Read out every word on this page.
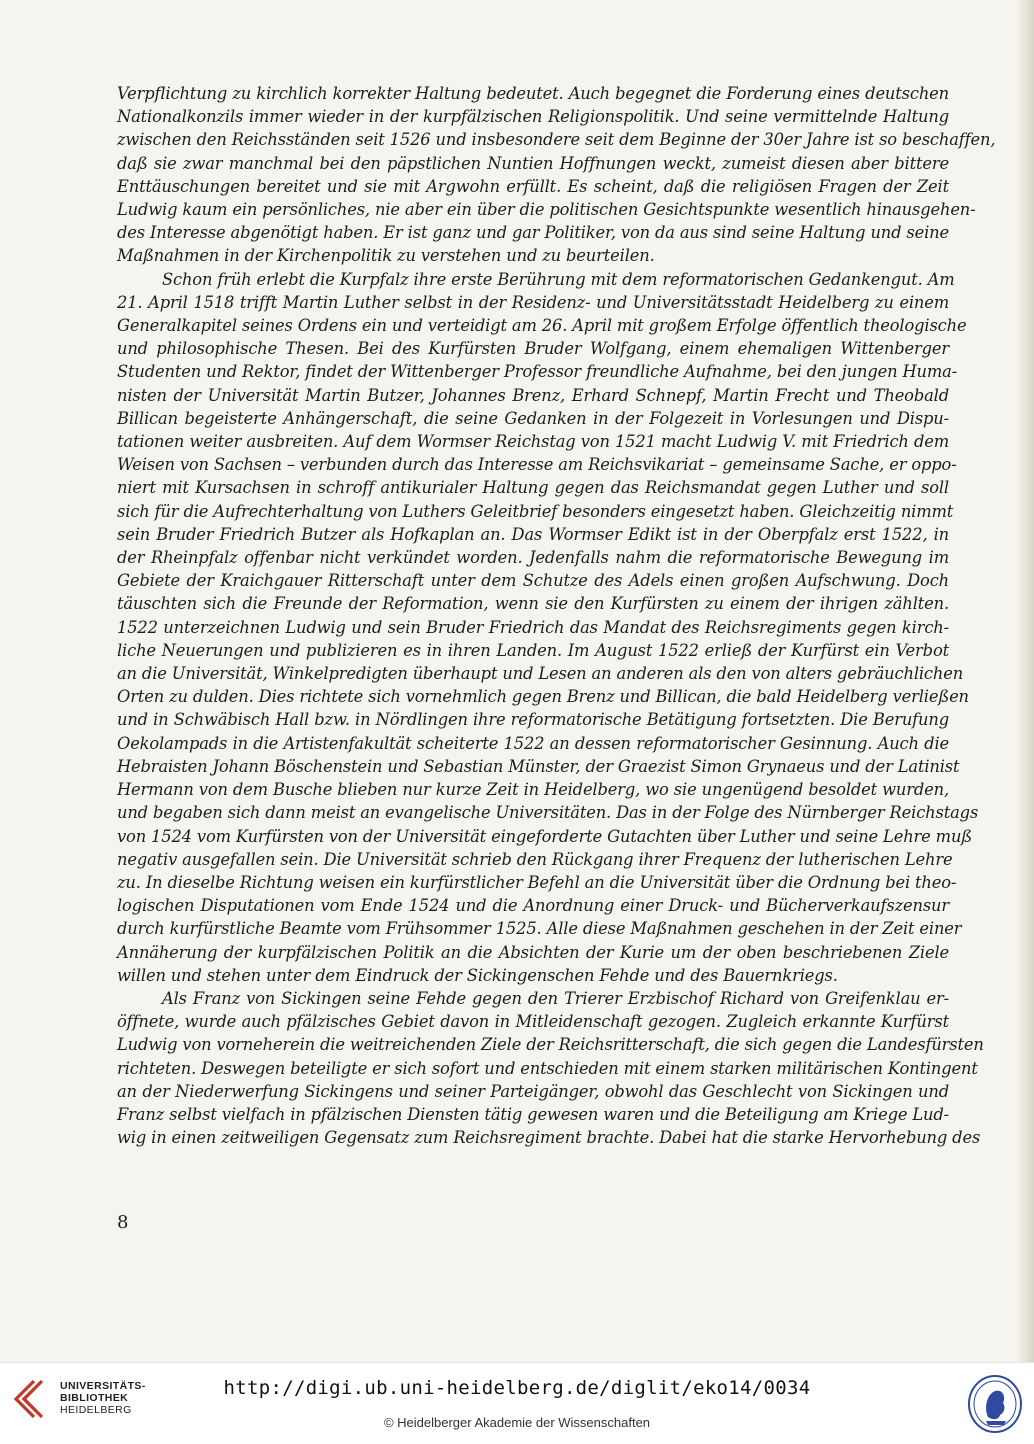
Verpflichtung zu kirchlich korrekter Haltung bedeutet. Auch begegnet die Forderung eines deutschen
Nationalkonzils immer wieder in der kurpfälzischen Religionspolitik. Und seine vermittelnde Haltung
zwischen den Reichsständen seit 1526 und insbesondere seit dem Beginne der 30er Jahre ist so beschaffen,
daß sie zwar manchmal bei den päpstlichen Nuntien Hoffnungen weckt, zumeist diesen aber bittere
Enttäuschungen bereitet und sie mit Argwohn erfüllt. Es scheint, daß die religiösen Fragen der Zeit
Ludwig kaum ein persönliches, nie aber ein über die politischen Gesichtspunkte wesentlich hinausgehen-
des Interesse abgenötigt haben. Er ist ganz und gar Politiker, von da aus sind seine Haltung und seine
Maßnahmen in der Kirchenpolitik zu verstehen und zu beurteilen.

Schon früh erlebt die Kurpfalz ihre erste Berührung mit dem reformatorischen Gedankengut. Am
21. April 1518 trifft Martin Luther selbst in der Residenz- und Universitätsstadt Heidelberg zu einem
Generalkapitel seines Ordens ein und verteidigt am 26. April mit großem Erfolge öffentlich theologische
und philosophische Thesen. Bei des Kurfürsten Bruder Wolfgang, einem ehemaligen Wittenberger
Studenten und Rektor, findet der Wittenberger Professor freundliche Aufnahme, bei den jungen Huma-
nisten der Universität Martin Butzer, Johannes Brenz, Erhard Schnepf, Martin Frecht und Theobald
Billican begeisterte Anhängerschaft, die seine Gedanken in der Folgezeit in Vorlesungen und Dispu-
tationen weiter ausbreiten. Auf dem Wormser Reichstag von 1521 macht Ludwig V. mit Friedrich dem
Weisen von Sachsen – verbunden durch das Interesse am Reichsvikariat – gemeinsame Sache, er oppo-
niert mit Kursachsen in schroff antikurialer Haltung gegen das Reichsmandat gegen Luther und soll
sich für die Aufrechterhaltung von Luthers Geleitbrief besonders eingesetzt haben. Gleichzeitig nimmt
sein Bruder Friedrich Butzer als Hofkaplan an. Das Wormser Edikt ist in der Oberpfalz erst 1522, in
der Rheinpfalz offenbar nicht verkündet worden. Jedenfalls nahm die reformatorische Bewegung im
Gebiete der Kraichgauer Ritterschaft unter dem Schutze des Adels einen großen Aufschwung. Doch
täuschten sich die Freunde der Reformation, wenn sie den Kurfürsten zu einem der ihrigen zählten.
1522 unterzeichnen Ludwig und sein Bruder Friedrich das Mandat des Reichsregiments gegen kirch-
liche Neuerungen und publizieren es in ihren Landen. Im August 1522 erließ der Kurfürst ein Verbot
an die Universität, Winkelpredigten überhaupt und Lesen an anderen als den von alters gebräuchlichen
Orten zu dulden. Dies richtete sich vornehmlich gegen Brenz und Billican, die bald Heidelberg verließen
und in Schwäbisch Hall bzw. in Nördlingen ihre reformatorische Betätigung fortsetzten. Die Berufung
Oekolampads in die Artistenfakultät scheiterte 1522 an dessen reformatorischer Gesinnung. Auch die
Hebraisten Johann Böschenstein und Sebastian Münster, der Graezist Simon Grynaeus und der Latinist
Hermann von dem Busche blieben nur kurze Zeit in Heidelberg, wo sie ungenügend besoldet wurden,
und begaben sich dann meist an evangelische Universitäten. Das in der Folge des Nürnberger Reichstags
von 1524 vom Kurfürsten von der Universität eingeforderte Gutachten über Luther und seine Lehre muß
negativ ausgefallen sein. Die Universität schrieb den Rückgang ihrer Frequenz der lutherischen Lehre
zu. In dieselbe Richtung weisen ein kurfürstlicher Befehl an die Universität über die Ordnung bei theo-
logischen Disputationen vom Ende 1524 und die Anordnung einer Druck- und Bücherverkaufszensur
durch kurfürstliche Beamte vom Frühsommer 1525. Alle diese Maßnahmen geschehen in der Zeit einer
Annäherung der kurpfälzischen Politik an die Absichten der Kurie um der oben beschriebenen Ziele
willen und stehen unter dem Eindruck der Sickingenschen Fehde und des Bauernkriegs.

Als Franz von Sickingen seine Fehde gegen den Trierer Erzbischof Richard von Greifenklau er-
öffnete, wurde auch pfälzisches Gebiet davon in Mitleidenschaft gezogen. Zugleich erkannte Kurfürst
Ludwig von vorneherein die weitreichenden Ziele der Reichsritterschaft, die sich gegen die Landesfürsten
richteten. Deswegen beteiligte er sich sofort und entschieden mit einem starken militärischen Kontingent
an der Niederwerfung Sickingens und seiner Parteigänger, obwohl das Geschlecht von Sickingen und
Franz selbst vielfach in pfälzischen Diensten tätig gewesen waren und die Beteiligung am Kriege Lud-
wig in einen zeitweiligen Gegensatz zum Reichsregiment brachte. Dabei hat die starke Hervorhebung des

8
UNIVERSITÄTS-
BIBLIOTHEK
HEIDELBERG
http://digi.ub.uni-heidelberg.de/diglit/eko14/0034
© Heidelberger Akademie der Wissenschaften
